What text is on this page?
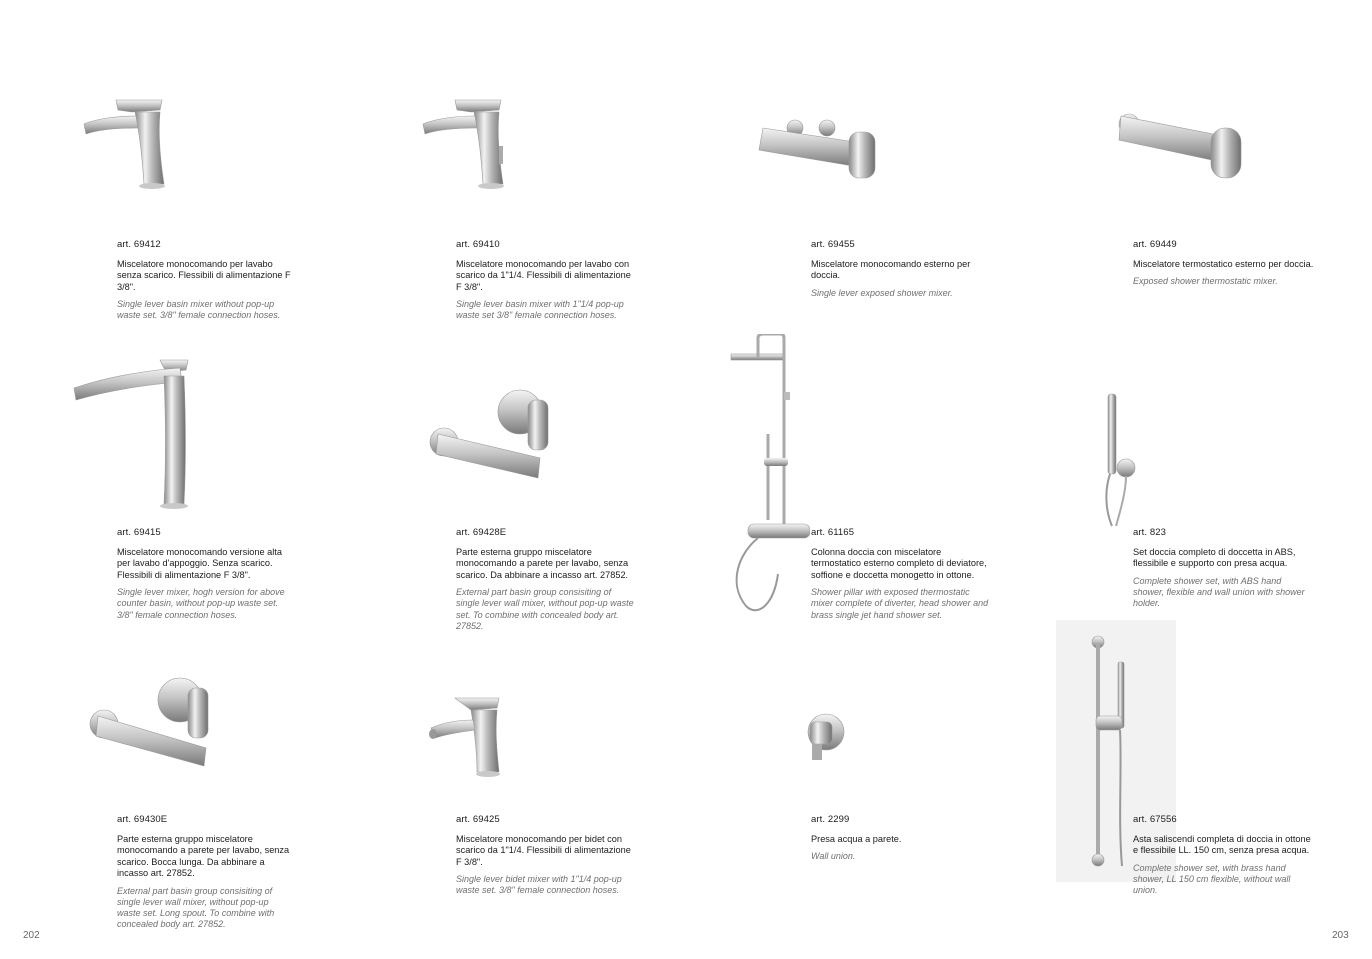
art. 69412

Miscelatore monocomando per lavabo senza scarico. Flessibili di alimentazione F 3/8".

Single lever basin mixer without pop-up waste set. 3/8" female connection hoses.

art. 69410

Miscelatore monocomando per lavabo con scarico da 1"1/4. Flessibili di alimentazione F 3/8".

Single lever basin mixer with 1"1/4 pop-up waste set 3/8" female connection hoses.

art. 69455

Miscelatore monocomando esterno per doccia.

Single lever exposed shower mixer.

art. 69449

Miscelatore termostatico esterno per doccia.

Exposed shower thermostatic mixer.

art. 69415

Miscelatore monocomando versione alta per lavabo d'appoggio. Senza scarico. Flessibili di alimentazione F 3/8".

Single lever mixer, hogh version for above counter basin, without pop-up waste set. 3/8" female connection hoses.

art. 69428E

Parte esterna gruppo miscelatore monocomando a parete per lavabo, senza scarico. Da abbinare a incasso art. 27852.

External part basin group consisiting of single lever wall mixer, without pop-up waste set. To combine with concealed body art. 27852.

art. 61165

Colonna doccia con miscelatore termostatico esterno completo di deviatore, soffione e doccetta monogetto in ottone.

Shower pillar with exposed thermostatic mixer complete of diverter, head shower and brass single jet hand shower set.

art. 823

Set doccia completo di doccetta in ABS, flessibile e supporto con presa acqua.

Complete shower set, with ABS hand shower, flexible and wall union with shower holder.

art. 69430E

Parte esterna gruppo miscelatore monocomando a parete per lavabo, senza scarico. Bocca lunga. Da abbinare a incasso art. 27852.

External part basin group consisiting of single lever wall mixer, without pop-up waste set. Long spout. To combine with concealed body art. 27852.

art. 69425

Miscelatore monocomando per bidet con scarico da 1"1/4. Flessibili di alimentazione F 3/8".

Single lever bidet mixer with 1"1/4 pop-up waste set. 3/8" female connection hoses.

art. 2299

Presa acqua a parete.

Wall union.

art. 67556

Asta saliscendi completa di doccia in ottone e flessibile LL. 150 cm, senza presa acqua.

Complete shower set, with brass hand shower, LL 150 cm flexible, without wall union.

202	203
